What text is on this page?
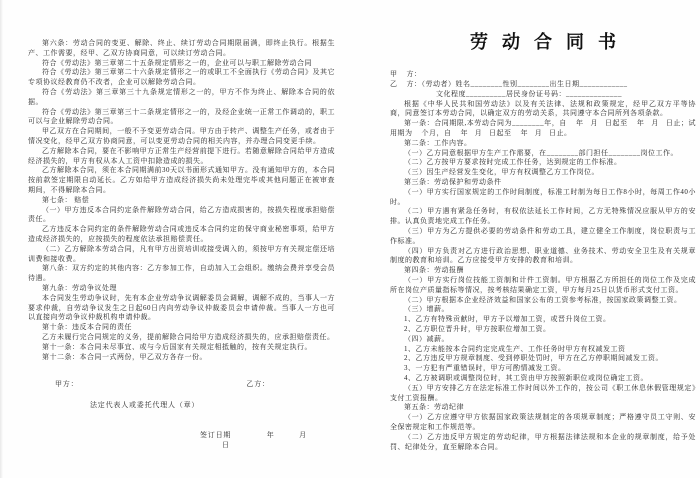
第六条：劳动合同的变更、解除、终止、续订劳动合同期限届满，即终止执行。根据生产、工作需要，经甲、乙双方协商同意，可以续订劳动合同。

符合《劳动法》第三章第二十五条规定情形之一的，企业可以与职工解除劳动合同

符合《劳动法》第三章第二十六条规定情形之一的或职工不全面执行《劳动合同》及其它专项协议经教育仍不改者，企业可以解除劳动合同。

符合《劳动法》第三章第三十九条规定情形之一的，甲方不作为终止、解除本合同的依据。

符合《劳动法》第三章第三十二条规定情形之一的，及经企业统一正常工作调动的，职工可以与企业解除劳动合同。

甲乙双方在合同期间，一般不予变更劳动合同。甲方由于转产、调整生产任务，或者由于情况变化，经甲乙双方协商同意，可以变更劳动合同的相关内容，并办理合同变更手续。

乙方解除本合同，要在不影响甲方正常生产经营前提下进行。若随意解除合同给甲方造成经济损失的，甲方有权从本人工资中扣除造成的损失。

乙方解除本合同，须在本合同期满前30天以书面形式通知甲方。没有通知甲方的，本合同按前款签定期限自动延长。乙方如给甲方造成经济损失尚未处理完毕或其他问题正在被审查期间，不得解除本合同。

第七条： 赔偿

（一）甲方违反本合同约定条件解除劳动合同，给乙方造成损害的，按损失程度承担赔偿责任。

乙方违反本合同约定的条件解除劳动合同或违反本合同约定的保守商业秘密事项，给甲方造成经济损失的，应按损失的程度依法承担赔偿责任。

（二）乙方解除本劳动合同，凡有甲方出资培训或接受调入的，须按甲方有关规定偿还培训费和接收费。

第八条：双方约定的其他内容：乙方参加工作，自动加入工会组织。缴纳会费并享受会员待遇。

第九条：劳动争议处理

本合同发生劳动争议时，先有本企业劳动争议调解委员会调解，调解不成的，当事人一方要求仲裁，自劳动争议发生之日起60日内向劳动争议仲裁委员会申请仲裁。当事人一方也可以直接向劳动争议仲裁机构申请仲裁。

第十条：违反本合同的责任

乙方未履行完合同规定的义务，提前解除合同给甲方造成经济损失的，应承担赔偿责任。

第十一条：本合同未尽事宜、或与今后国家有关规定相抵触的，按有关规定执行。

第十二条：本合同一式两份，甲乙双方各存一份。

甲方：	乙方：
法定代表人或委托代理人（章）
签订日期	年	月 日
劳动合同书

甲    方：

乙    方：（劳动者）姓名________性别________出生日期____________

文化程度__________居民身份证号码：______________

根据《中华人民共和国劳动法》以及有关法律、法规和政策规定，经甲乙双方平等协商，同意签订本劳动合同，以确定双方的劳动关系，共同遵守本合同所列各项条款。

第一条：合同期限,本劳动合同为________年，自    年   月   日起至    年   月   日止；试用期为    个月，自    年   月   日起至    年   月   日止。

第二条：工作内容。

（一）乙方同意根据甲方生产工作需要，在________部门担任________岗位工作。

（二）乙方按甲方要求按时完成工作任务，达到规定的工作标准。

（三）因生产经营发生变化，甲方有权调整乙方工作岗位。

第三条：劳动保护和劳动条件

（一）甲方实行国家规定的工作时间制度，标准工时制为每日工作8小时，每周工作40小时。

（二）甲方遇有紧急任务时，有权依法延长工作时间，乙方无特殊情况应服从甲方的安排。认真负责地完成工作任务。

（三）甲方为乙方提供必要的劳动条件和劳动工具，建立健全工作制度，岗位职责与工作标准。

（四）甲方负责对乙方进行政治思想、职业道德、业务技术、劳动安全卫生及有关规章制度的教育和培训。乙方应接受甲方安排的教育和培训。

第四条：劳动报酬

（一）甲方实行岗位技能工资制和计件工资制。甲方根据乙方所担任的岗位工作及完成所在岗位产质量指标等情况，按考核结果确定工资，甲方每月25日以货币形式支付工资。

（二）甲方根据本企业经济效益和国家公布的工资参考标准，按国家政策调整工资。

（三）增薪。

1、乙方有特殊贡献时，甲方予以增加工资，或晋升岗位工资。

2、乙方职位晋升时，甲方按职位增加工资。

（四）减薪。

1、乙方未能按本合同约定完成生产、工作任务时甲方有权减发工资

2、乙方违反甲方规章制度、受到停职处罚时，甲方在乙方停职期间减发工资。

3、一方犯有严重错误时，甲方可酌情减发工资。

4、乙方被调职或调整岗位时，其工资由甲方按照新职位或岗位确定工资。

（五）甲方安排乙方在法定标准工作时间以外工作的，按公司《职工休息休假管理规定》支付工资报酬。

第五条：劳动纪律

（一）乙方应遵守甲方依据国家政策法规制定的各项规章制度；严格遵守员工守则、安全保密规定和工作规范等。

（二）乙方违反甲方规定的劳动纪律，甲方根据法律法规和本企业的规章制度，给予处罚、纪律处分，直至解除本合同。
